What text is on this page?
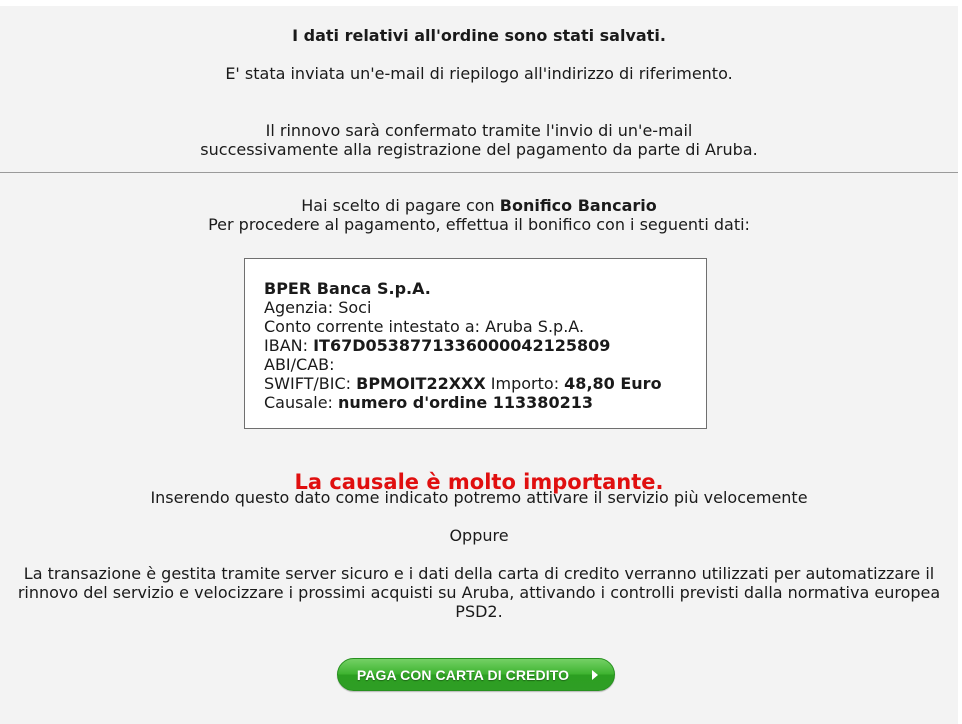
I dati relativi all'ordine sono stati salvati.
E' stata inviata un'e-mail di riepilogo all'indirizzo di riferimento.
Il rinnovo sarà confermato tramite l'invio di un'e-mail
successivamente alla registrazione del pagamento da parte di Aruba.
Hai scelto di pagare con Bonifico Bancario
Per procedere al pagamento, effettua il bonifico con i seguenti dati:
BPER Banca S.p.A.
Agenzia: Soci
Conto corrente intestato a: Aruba S.p.A.
IBAN: IT67D0538771336000042125809
ABI/CAB:
SWIFT/BIC: BPMOIT22XXX Importo: 48,80 Euro
Causale: numero d'ordine 113380213
La causale è molto importante.
Inserendo questo dato come indicato potremo attivare il servizio più velocemente
Oppure
La transazione è gestita tramite server sicuro e i dati della carta di credito verranno utilizzati per automatizzare il
rinnovo del servizio e velocizzare i prossimi acquisti su Aruba, attivando i controlli previsti dalla normativa europea
PSD2.
PAGA CON CARTA DI CREDITO
